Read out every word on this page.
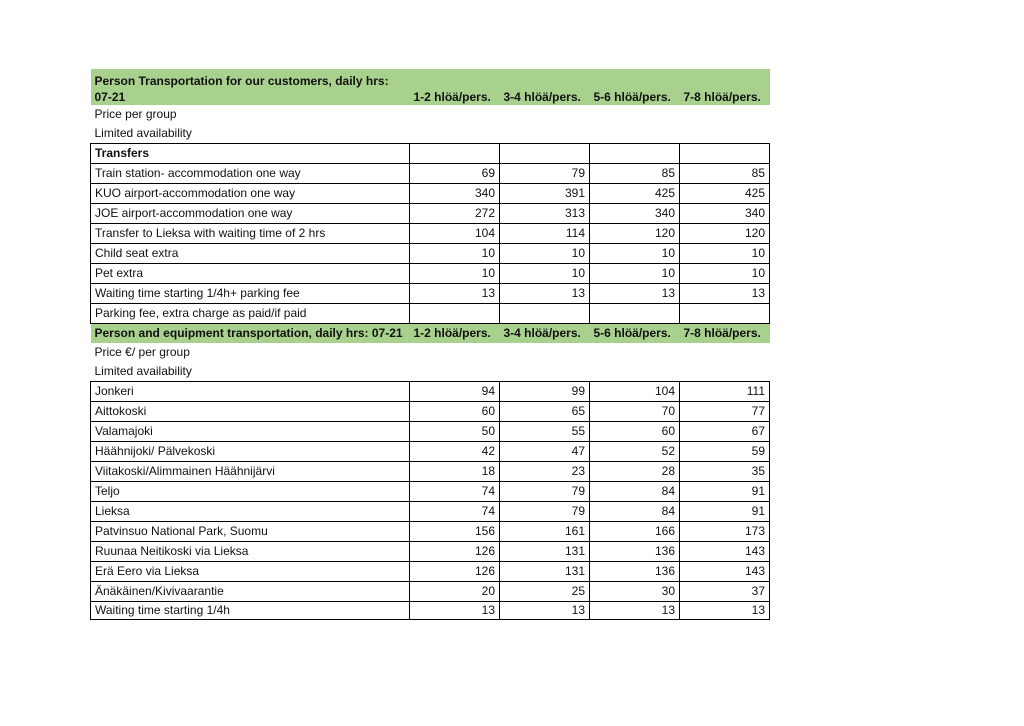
Person Transportation for our customers, daily hrs: 07-21	1-2 hlöä/pers.	3-4 hlöä/pers.	5-6 hlöä/pers.	7-8 hlöä/pers.
Price per group				
Limited availability				
Transfers				
Train station- accommodation one way	69	79	85	85
KUO airport-accommodation one way	340	391	425	425
JOE airport-accommodation one way	272	313	340	340
Transfer to Lieksa with waiting time of 2 hrs	104	114	120	120
Child seat extra	10	10	10	10
Pet extra	10	10	10	10
Waiting time starting 1/4h+ parking fee	13	13	13	13
Parking fee, extra charge as paid/if paid				
Person and equipment transportation, daily hrs: 07-21	1-2 hlöä/pers.	3-4 hlöä/pers.	5-6 hlöä/pers.	7-8 hlöä/pers.
Price €/ per group				
Limited availability				
Jonkeri	94	99	104	111
Aittokoski	60	65	70	77
Valamajoki	50	55	60	67
Häähnijoki/ Pälvekoski	42	47	52	59
Viitakoski/Alimmainen Häähnijärvi	18	23	28	35
Teljo	74	79	84	91
Lieksa	74	79	84	91
Patvinsuo National Park, Suomu	156	161	166	173
Ruunaa Neitikoski via Lieksa	126	131	136	143
Erä Eero via Lieksa	126	131	136	143
Änäkäinen/Kivivaarantie	20	25	30	37
Waiting time starting 1/4h	13	13	13	13
